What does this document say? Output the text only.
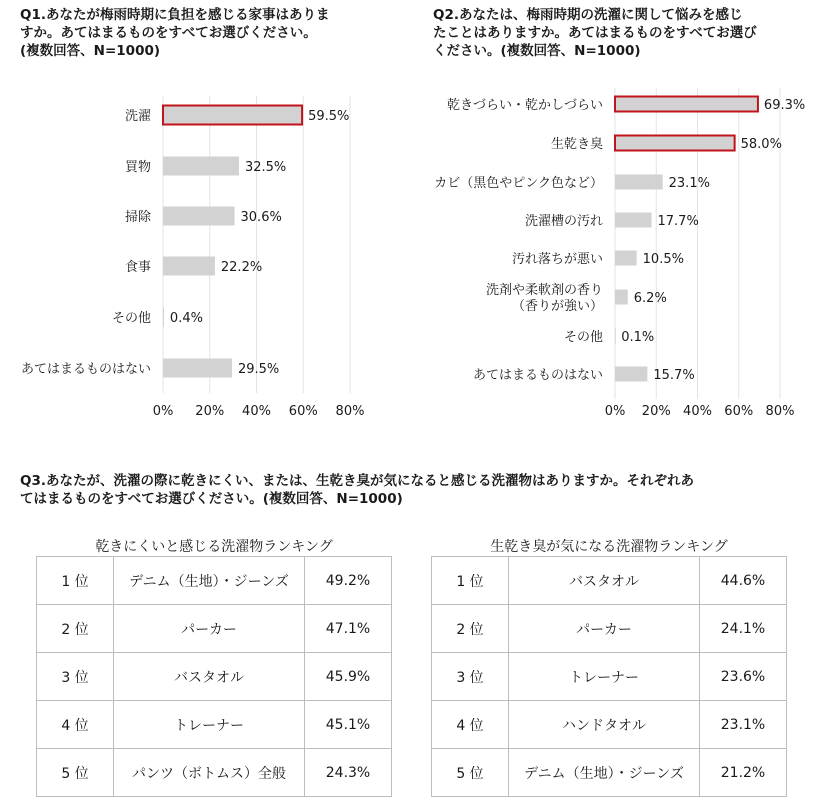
Q1.あなたが梅雨時期に負担を感じる家事はありま
すか。あてはまるものをすべてお選びください。
(複数回答、N=1000)

Q2.あなたは、梅雨時期の洗濯に関して悩みを感じ
たことはありますか。あてはまるものをすべてお選び
ください。(複数回答、N=1000)

59.5%
洗濯
32.5%
買物
30.6%
掃除
22.2%
食事
0.4%
その他
29.5%
あてはまるものはない
0% 20% 40% 60% 80%
69.3%
乾きづらい・乾かしづらい
58.0%
生乾き臭
23.1%
カビ（黒色やピンク色など）
17.7%
洗濯槽の汚れ
10.5%
汚れ落ちが悪い
6.2%
洗剤や柔軟剤の香り（香りが強い）
0.1%
その他
15.7%
あてはまるものはない
0% 20% 40% 60% 80%

Q3.あなたが、洗濯の際に乾きにくい、または、生乾き臭が気になると感じる洗濯物はありますか。それぞれあ
てはまるものをすべてお選びください。(複数回答、N=1000)

乾きにくいと感じる洗濯物ランキング
1 位	デニム（生地）・ジーンズ	49.2%
2 位	パーカー	47.1%
3 位	バスタオル	45.9%
4 位	トレーナー	45.1%
5 位	パンツ（ボトムス）全般	24.3%
生乾き臭が気になる洗濯物ランキング
1 位	バスタオル	44.6%
2 位	パーカー	24.1%
3 位	トレーナー	23.6%
4 位	ハンドタオル	23.1%
5 位	デニム（生地）・ジーンズ	21.2%
